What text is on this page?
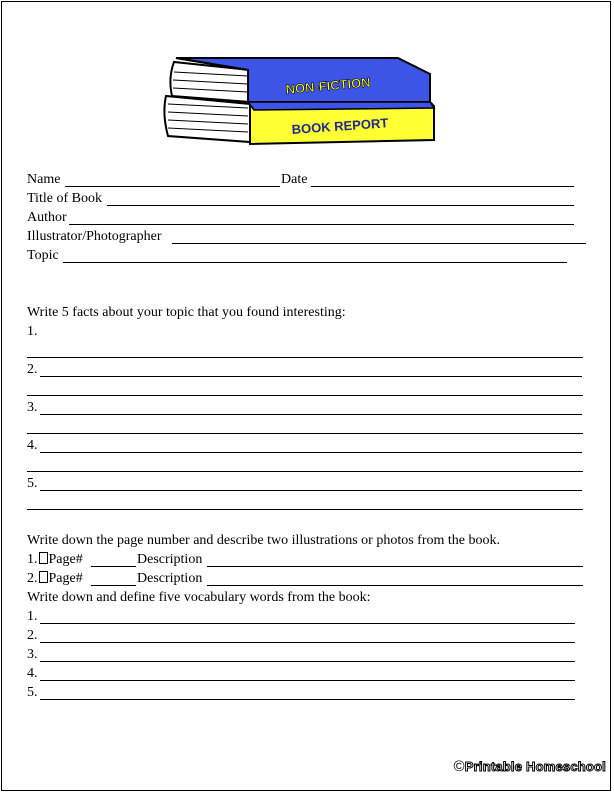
NON-FICTION
BOOK REPORT
Name	Date
Title of Book
Author
Illustrator/Photographer
Topic
Write 5 facts about your topic that you found interesting:
1.
2.
3.
4.
5.
Write down the page number and describe two illustrations or photos from the book.
1. Page#	Description
2. Page#	Description
Write down and define five vocabulary words from the book:
1.
2.
3.
4.
5.
©Printable Homeschool
